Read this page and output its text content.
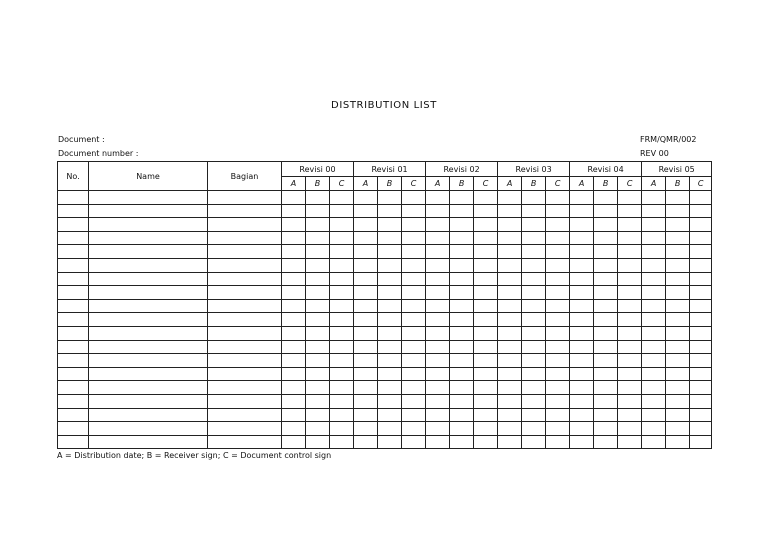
DISTRIBUTION LIST
Document :
Document number :
FRM/QMR/002
REV 00
No.	Name	Bagian	Revisi 00			Revisi 01			Revisi 02			Revisi 03			Revisi 04			Revisi 05		
			A	B	C	A	B	C	A	B	C	A	B	C	A	B	C	A	B	C

A = Distribution date; B = Receiver sign; C = Document control sign
